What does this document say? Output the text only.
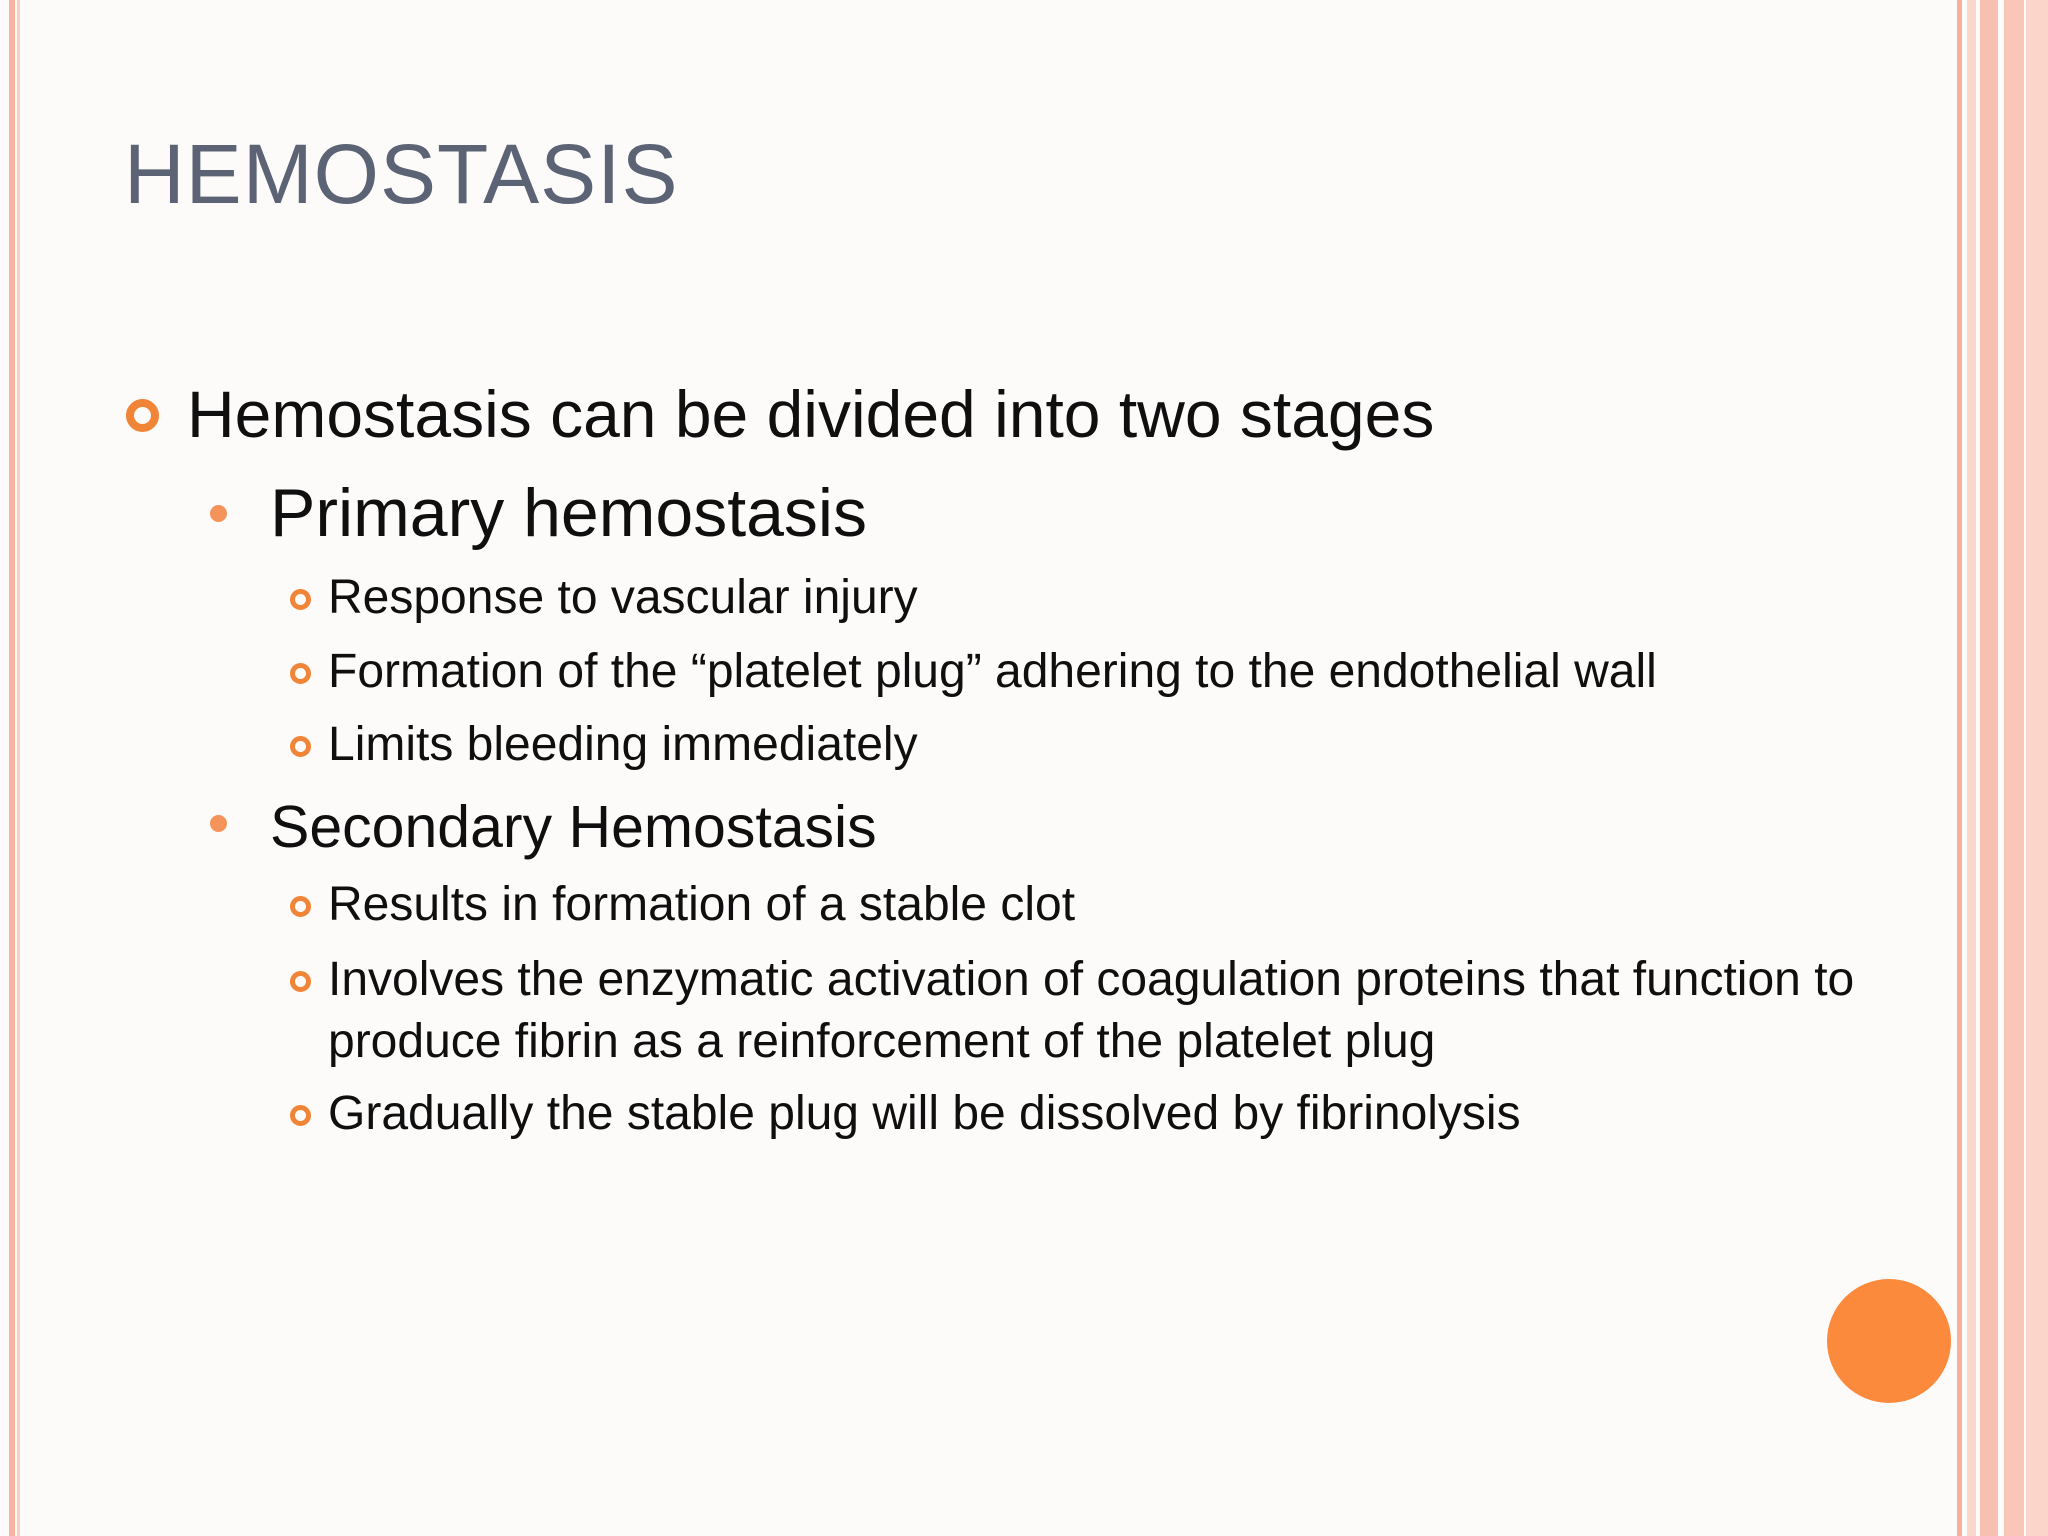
HEMOSTASIS
Hemostasis can be divided into two stages
Primary hemostasis
Response to vascular injury
Formation of the “platelet plug” adhering to the endothelial wall
Limits bleeding immediately
Secondary Hemostasis
Results in formation of a stable clot
Involves the enzymatic activation of coagulation proteins that function to produce fibrin as a reinforcement of the platelet plug
Gradually the stable plug will be dissolved by fibrinolysis
